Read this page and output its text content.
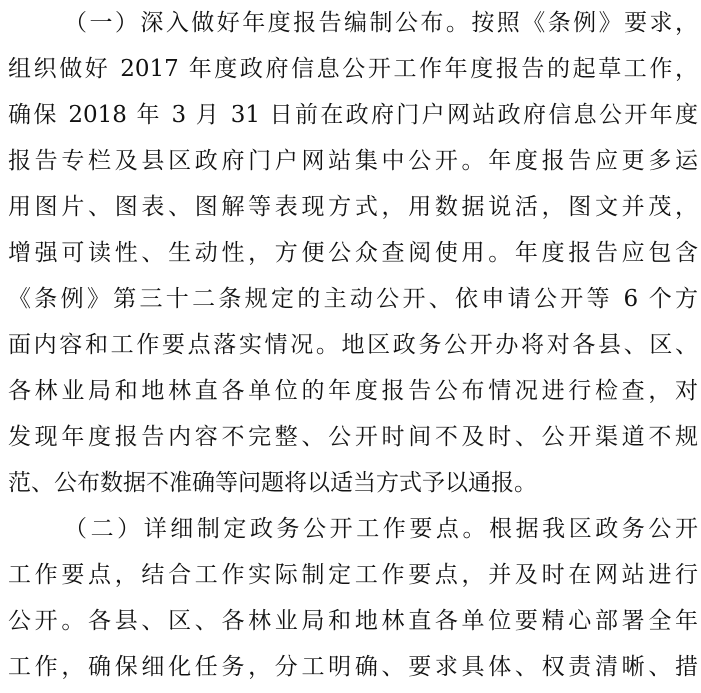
（一）深入做好年度报告编制公布。按照《条例》要求，
组织做好 2017 年度政府信息公开工作年度报告的起草工作，
确保 2018 年 3 月 31 日前在政府门户网站政府信息公开年度
报告专栏及县区政府门户网站集中公开。年度报告应更多运
用图片、图表、图解等表现方式，用数据说活，图文并茂，
增强可读性、生动性，方便公众查阅使用。年度报告应包含
《条例》第三十二条规定的主动公开、依申请公开等 6 个方
面内容和工作要点落实情况。地区政务公开办将对各县、区、
各林业局和地林直各单位的年度报告公布情况进行检查，对
发现年度报告内容不完整、公开时间不及时、公开渠道不规
范、公布数据不准确等问题将以适当方式予以通报。
（二）详细制定政务公开工作要点。根据我区政务公开
工作要点，结合工作实际制定工作要点，并及时在网站进行
公开。各县、区、各林业局和地林直各单位要精心部署全年
工作，确保细化任务，分工明确、要求具体、权责清晰、措
